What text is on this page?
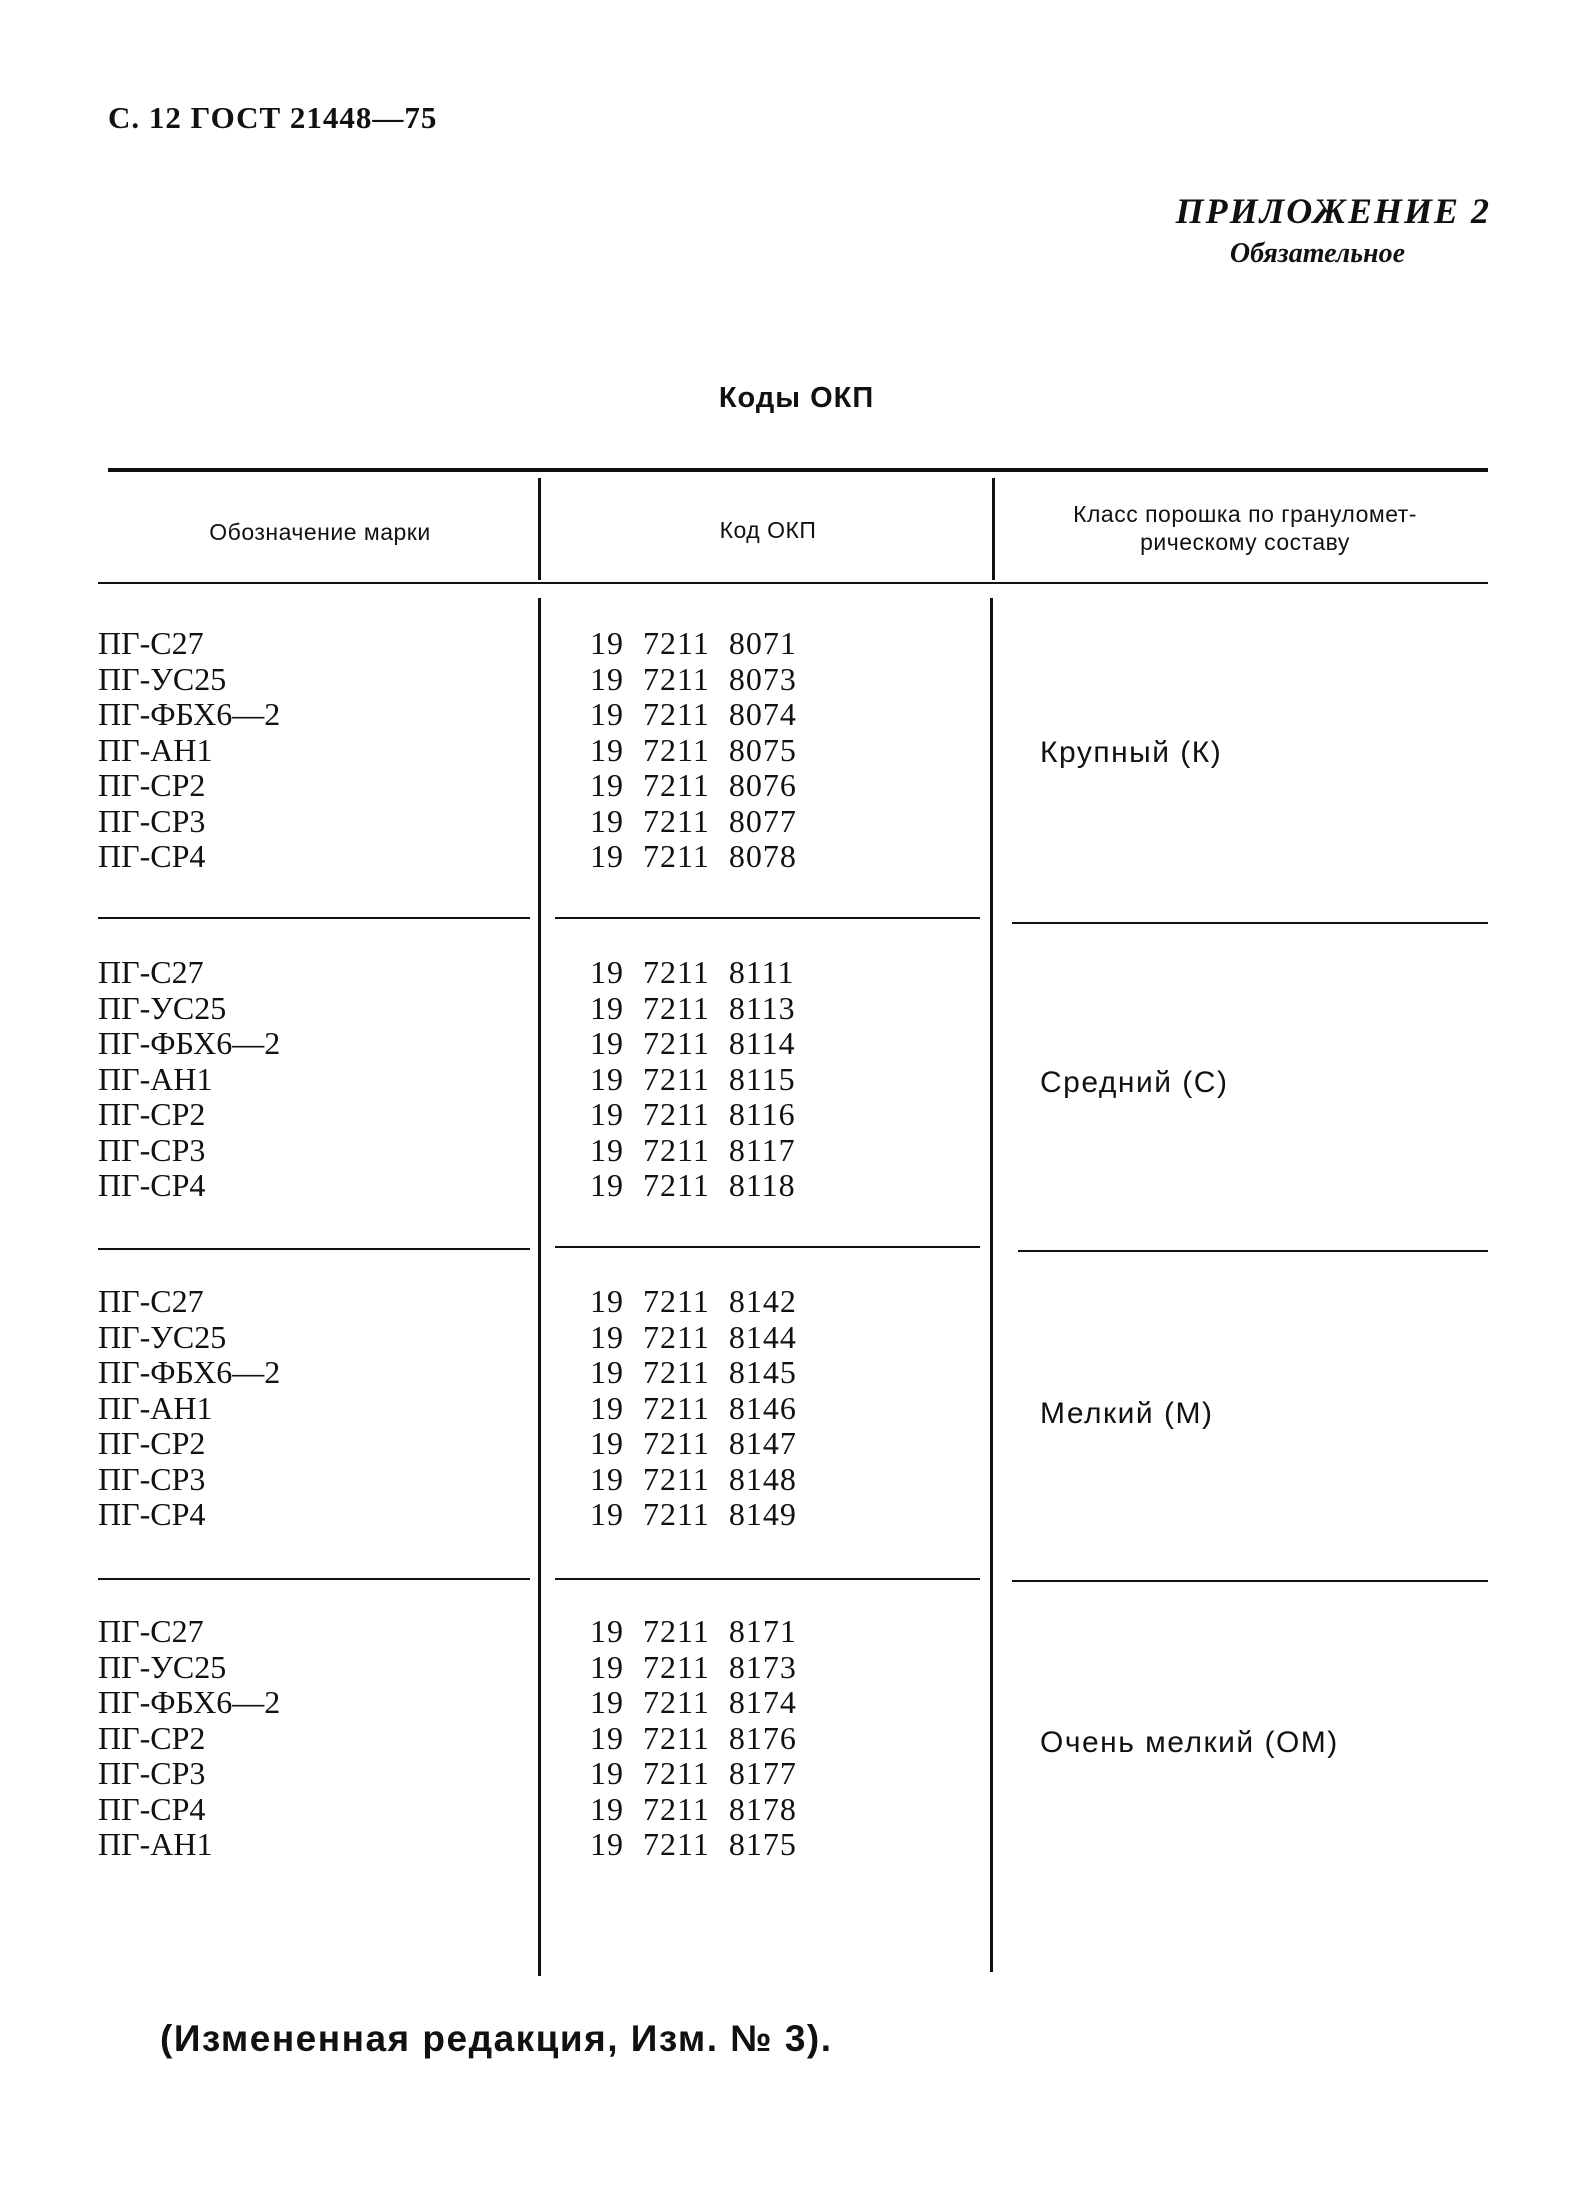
С. 12 ГОСТ 21448—75
ПРИЛОЖЕНИЕ 2
Обязательное
Коды ОКП
Обозначение марки	Код ОКП
Класс порошка по грануломет-
рическому составу
ПГ-С27
ПГ-УС25
ПГ-ФБХ6—2
ПГ-АН1
ПГ-СР2
ПГ-СР3
ПГ-СР4
19 7211 8071
19 7211 8073
19 7211 8074
19 7211 8075
19 7211 8076
19 7211 8077
19 7211 8078
Крупный (К)
ПГ-С27
ПГ-УС25
ПГ-ФБХ6—2
ПГ-АН1
ПГ-СР2
ПГ-СР3
ПГ-СР4
19 7211 8111
19 7211 8113
19 7211 8114
19 7211 8115
19 7211 8116
19 7211 8117
19 7211 8118
Средний (С)
ПГ-С27
ПГ-УС25
ПГ-ФБХ6—2
ПГ-АН1
ПГ-СР2
ПГ-СР3
ПГ-СР4
19 7211 8142
19 7211 8144
19 7211 8145
19 7211 8146
19 7211 8147
19 7211 8148
19 7211 8149
Мелкий (М)
ПГ-С27
ПГ-УС25
ПГ-ФБХ6—2
ПГ-СР2
ПГ-СР3
ПГ-СР4
ПГ-АН1
19 7211 8171
19 7211 8173
19 7211 8174
19 7211 8176
19 7211 8177
19 7211 8178
19 7211 8175
Очень мелкий (ОМ)
(Измененная редакция, Изм. № 3).
